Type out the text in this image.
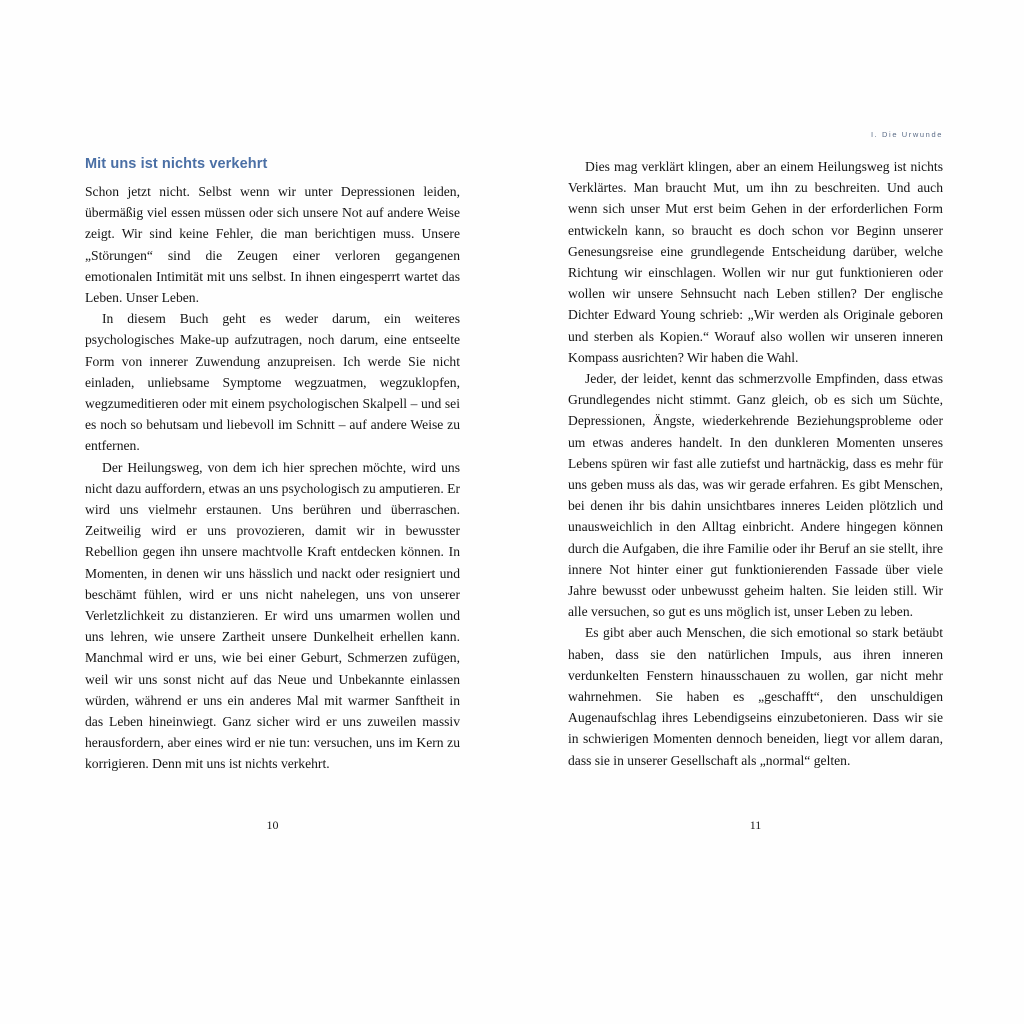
Mit uns ist nichts verkehrt

Schon jetzt nicht. Selbst wenn wir unter Depressionen leiden, übermäßig viel essen müssen oder sich unsere Not auf andere Weise zeigt. Wir sind keine Fehler, die man berichtigen muss. Unsere „Störungen“ sind die Zeugen einer verloren gegangenen emotionalen Intimität mit uns selbst. In ihnen eingesperrt wartet das Leben. Unser Leben.

In diesem Buch geht es weder darum, ein weiteres psychologisches Make-up aufzutragen, noch darum, eine entseelte Form von innerer Zuwendung anzupreisen. Ich werde Sie nicht einladen, unliebsame Symptome wegzuatmen, wegzuklopfen, wegzumeditieren oder mit einem psychologischen Skalpell – und sei es noch so behutsam und liebevoll im Schnitt – auf andere Weise zu entfernen.

Der Heilungsweg, von dem ich hier sprechen möchte, wird uns nicht dazu auffordern, etwas an uns psychologisch zu amputieren. Er wird uns vielmehr erstaunen. Uns berühren und überraschen. Zeitweilig wird er uns provozieren, damit wir in bewusster Rebellion gegen ihn unsere machtvolle Kraft entdecken können. In Momenten, in denen wir uns hässlich und nackt oder resigniert und beschämt fühlen, wird er uns nicht nahelegen, uns von unserer Verletzlichkeit zu distanzieren. Er wird uns umarmen wollen und uns lehren, wie unsere Zartheit unsere Dunkelheit erhellen kann. Manchmal wird er uns, wie bei einer Geburt, Schmerzen zufügen, weil wir uns sonst nicht auf das Neue und Unbekannte einlassen würden, während er uns ein anderes Mal mit warmer Sanftheit in das Leben hineinwiegt. Ganz sicher wird er uns zuweilen massiv herausfordern, aber eines wird er nie tun: versuchen, uns im Kern zu korrigieren. Denn mit uns ist nichts verkehrt.

10
I. Die Urwunde

Dies mag verklärt klingen, aber an einem Heilungsweg ist nichts Verklärtes. Man braucht Mut, um ihn zu beschreiten. Und auch wenn sich unser Mut erst beim Gehen in der erforderlichen Form entwickeln kann, so braucht es doch schon vor Beginn unserer Genesungsreise eine grundlegende Entscheidung darüber, welche Richtung wir einschlagen. Wollen wir nur gut funktionieren oder wollen wir unsere Sehnsucht nach Leben stillen? Der englische Dichter Edward Young schrieb: „Wir werden als Originale geboren und sterben als Kopien.“ Worauf also wollen wir unseren inneren Kompass ausrichten? Wir haben die Wahl.

Jeder, der leidet, kennt das schmerzvolle Empfinden, dass etwas Grundlegendes nicht stimmt. Ganz gleich, ob es sich um Süchte, Depressionen, Ängste, wiederkehrende Beziehungsprobleme oder um etwas anderes handelt. In den dunkleren Momenten unseres Lebens spüren wir fast alle zutiefst und hartnäckig, dass es mehr für uns geben muss als das, was wir gerade erfahren. Es gibt Menschen, bei denen ihr bis dahin unsichtbares inneres Leiden plötzlich und unausweichlich in den Alltag einbricht. Andere hingegen können durch die Aufgaben, die ihre Familie oder ihr Beruf an sie stellt, ihre innere Not hinter einer gut funktionierenden Fassade über viele Jahre bewusst oder unbewusst geheim halten. Sie leiden still. Wir alle versuchen, so gut es uns möglich ist, unser Leben zu leben.

Es gibt aber auch Menschen, die sich emotional so stark betäubt haben, dass sie den natürlichen Impuls, aus ihren inneren verdunkelten Fenstern hinausschauen zu wollen, gar nicht mehr wahrnehmen. Sie haben es „geschafft“, den unschuldigen Augenaufschlag ihres Lebendigseins einzubetonieren. Dass wir sie in schwierigen Momenten dennoch beneiden, liegt vor allem daran, dass sie in unserer Gesellschaft als „normal“ gelten.

11
